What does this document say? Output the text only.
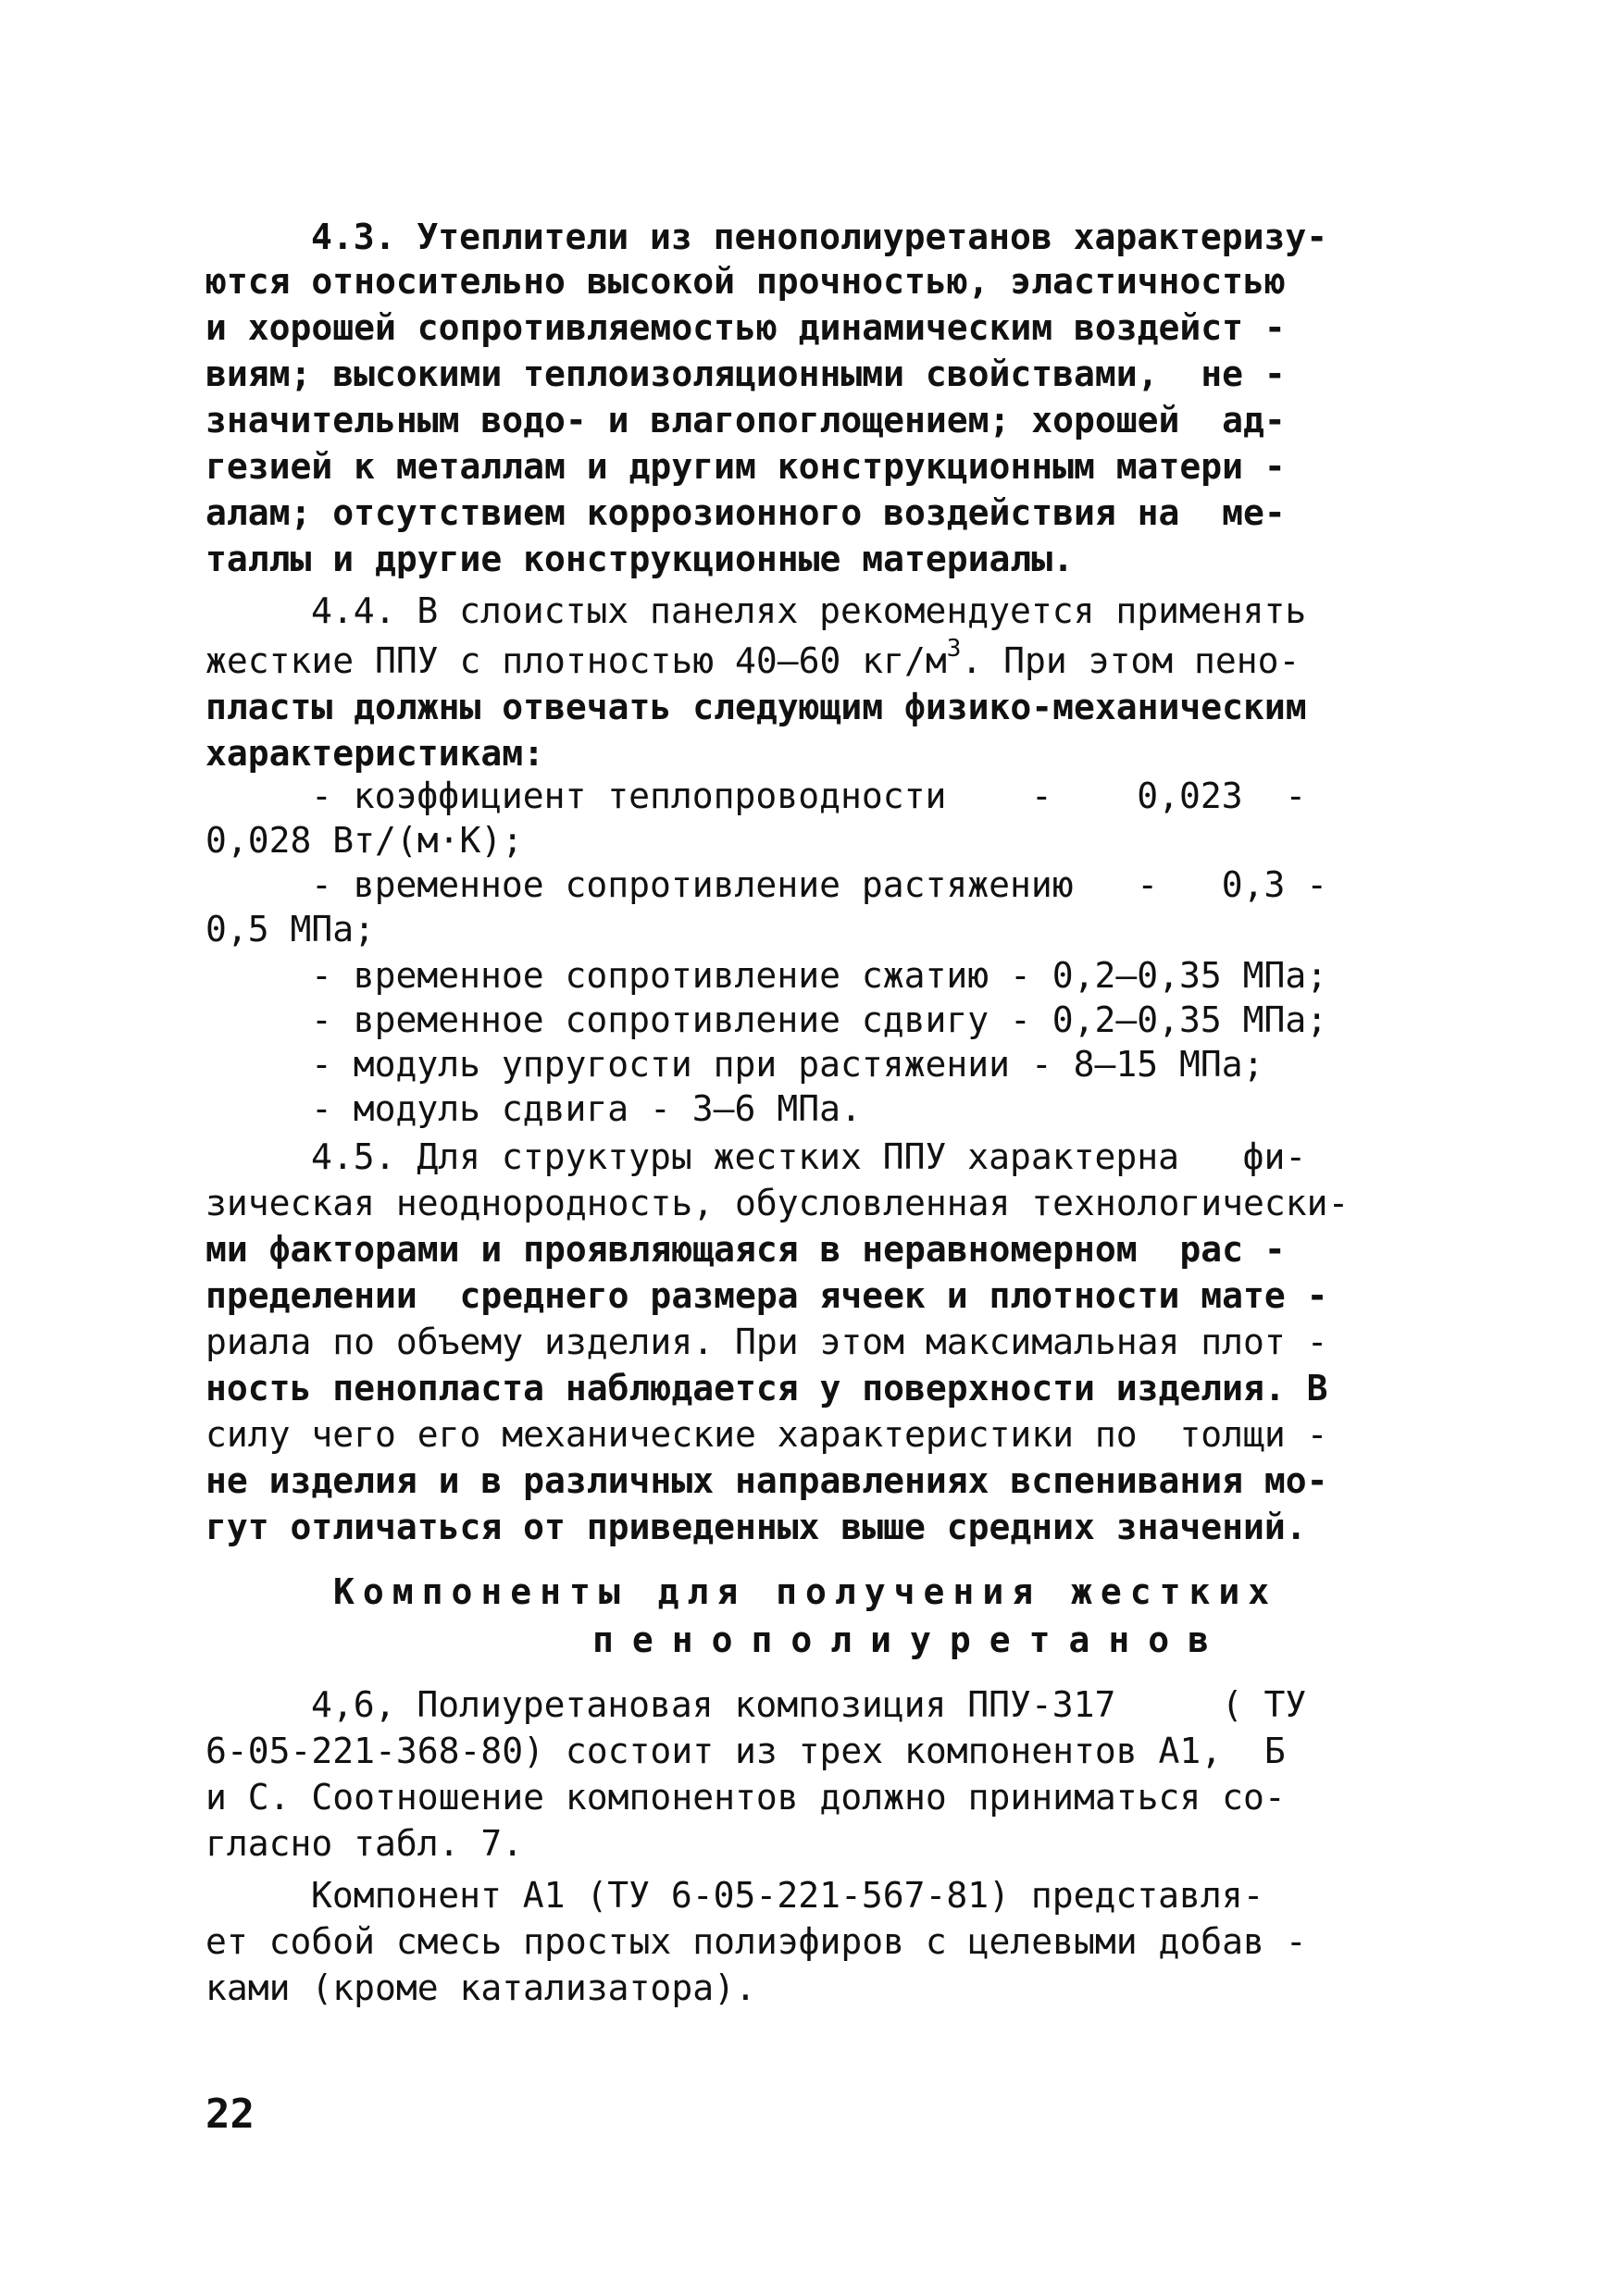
4.3. Утеплители из пенополиуретанов характеризу-
ются относительно высокой прочностью, эластичностью
и хорошей сопротивляемостью динамическим воздейст -
виям; высокими теплоизоляционными свойствами,  не -
значительным водо- и влагопоглощением; хорошей  ад-
гезией к металлам и другим конструкционным матери -
алам; отсутствием коррозионного воздействия на  ме-
таллы и другие конструкционные материалы.
4.4. В слоистых панелях рекомендуется применять
жесткие ППУ с плотностью 40–60 $кг/м^3$. При этом пено-
пласты должны отвечать следующим физико-механическим
характеристикам:
- коэффициент теплопроводности    -    0,023  -
0,028 Вт/(м·К);
- временное сопротивление растяжению   -   0,3 -
0,5 МПа;
- временное сопротивление сжатию - 0,2–0,35 МПа;
- временное сопротивление сдвигу - 0,2–0,35 МПа;
- модуль упругости при растяжении - 8–15 МПа;
- модуль сдвига - 3–6 МПа.
4.5. Для структуры жестких ППУ характерна   фи-
зическая неоднородность, обусловленная технологически-
ми факторами и проявляющаяся в неравномерном  рас -
пределении  среднего размера ячеек и плотности мате -
риала по объему изделия. При этом максимальная плот -
ность пенопласта наблюдается у поверхности изделия. В
силу чего его механические характеристики по  толщи -
не изделия и в различных направлениях вспенивания мо-
гут отличаться от приведенных выше средних значений.
Компоненты для получения жестких
пенополиуретанов
4,6, Полиуретановая композиция ППУ-317     ( ТУ
6-05-221-368-80) состоит из трех компонентов А1,  Б
и С. Соотношение компонентов должно приниматься со-
гласно табл. 7.
Компонент А1 (ТУ 6-05-221-567-81) представля-
ет собой смесь простых полиэфиров с целевыми добав -
ками (кроме катализатора).
22
